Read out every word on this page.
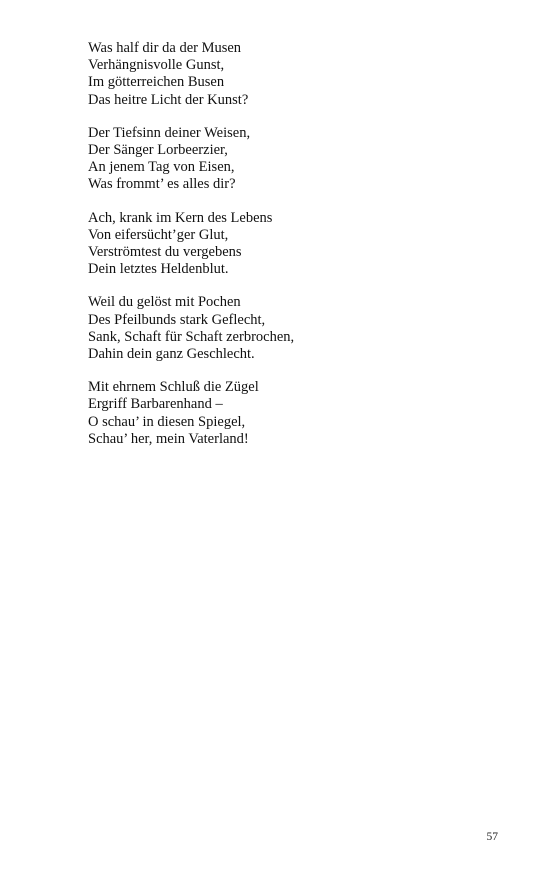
Was half dir da der Musen
Verhängnisvolle Gunst,
Im götterreichen Busen
Das heitre Licht der Kunst?
Der Tiefsinn deiner Weisen,
Der Sänger Lorbeerzier,
An jenem Tag von Eisen,
Was frommt’ es alles dir?
Ach, krank im Kern des Lebens
Von eifersücht’ger Glut,
Verströmtest du vergebens
Dein letztes Heldenblut.
Weil du gelöst mit Pochen
Des Pfeilbunds stark Geflecht,
Sank, Schaft für Schaft zerbrochen,
Dahin dein ganz Geschlecht.
Mit ehrnem Schluß die Zügel
Ergriff Barbarenhand –
O schau’ in diesen Spiegel,
Schau’ her, mein Vaterland!
57
